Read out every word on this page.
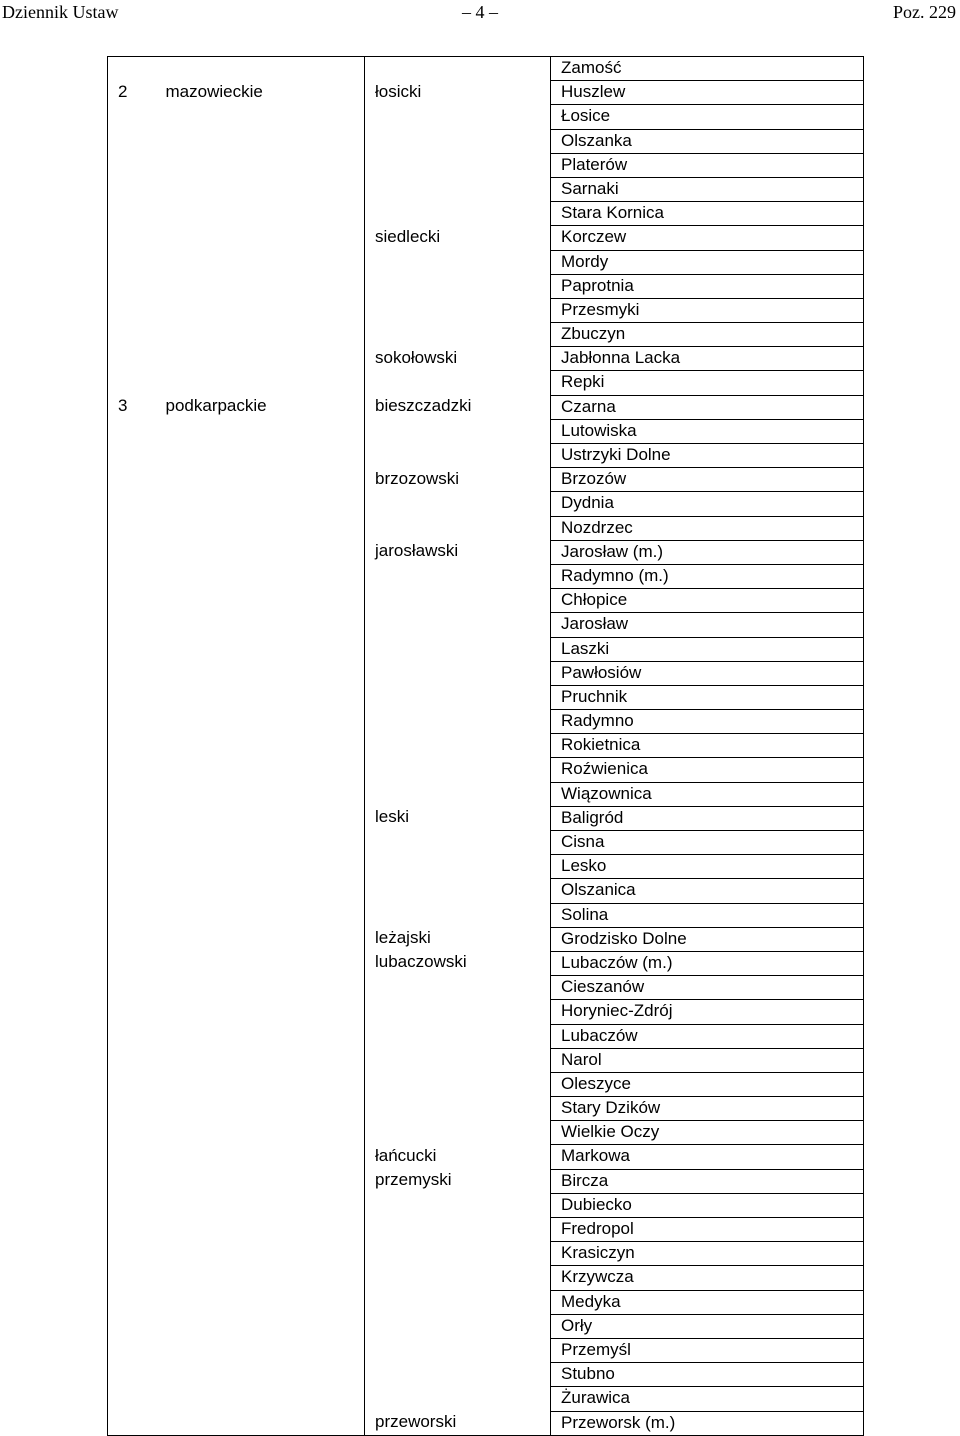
Dziennik Ustaw	– 4 –	Poz. 229
			Zamość
2	mazowieckie	łosicki	Huszlew
			Łosice
			Olszanka
			Platerów
			Sarnaki
			Stara Kornica
		siedlecki	Korczew
			Mordy
			Paprotnia
			Przesmyki
			Zbuczyn
		sokołowski	Jabłonna Lacka
			Repki
3	podkarpackie	bieszczadzki	Czarna
			Lutowiska
			Ustrzyki Dolne
		brzozowski	Brzozów
			Dydnia
			Nozdrzec
		jarosławski	Jarosław (m.)
			Radymno (m.)
			Chłopice
			Jarosław
			Laszki
			Pawłosiów
			Pruchnik
			Radymno
			Rokietnica
			Roźwienica
			Wiązownica
		leski	Baligród
			Cisna
			Lesko
			Olszanica
			Solina
		leżajski	Grodzisko Dolne
		lubaczowski	Lubaczów (m.)
			Cieszanów
			Horyniec-Zdrój
			Lubaczów
			Narol
			Oleszyce
			Stary Dzików
			Wielkie Oczy
		łańcucki	Markowa
		przemyski	Bircza
			Dubiecko
			Fredropol
			Krasiczyn
			Krzywcza
			Medyka
			Orły
			Przemyśl
			Stubno
			Żurawica
		przeworski	Przeworsk (m.)
